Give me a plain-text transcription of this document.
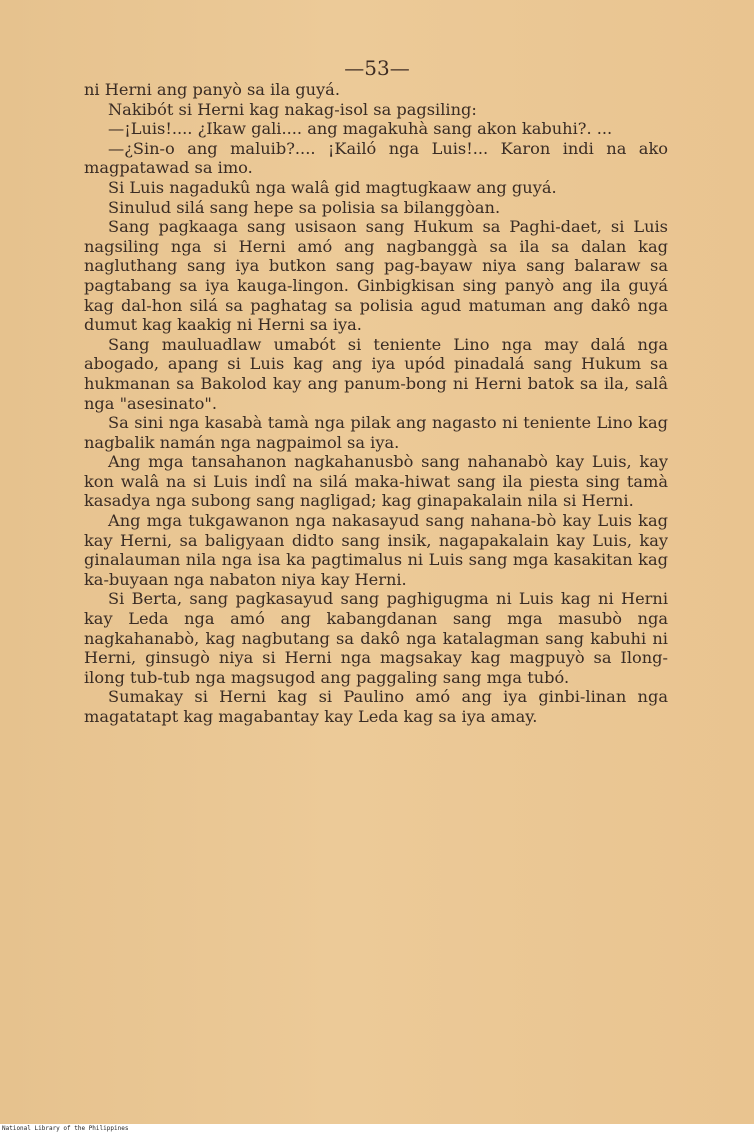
—53—

ni Herni ang panyò sa ila guyá.

Nakibót si Herni kag nakag-isol sa pagsiling:

—¡Luis!.... ¿Ikaw gali.... ang magakuhà sang akon kabuhi?. ...

—¿Sin-o ang maluib?.... ¡Kailó nga Luis!... Karon indi na ako magpatawad sa imo.

Si Luis nagadukû nga walâ gid magtugkaaw ang guyá.

Sinulud silá sang hepe sa polisia sa bilanggòan.

Sang pagkaaga sang usisaon sang Hukum sa Paghi-daet, si Luis nagsiling nga si Herni amó ang nagbanggà sa ila sa dalan kag nagluthang sang iya butkon sang pag-bayaw niya sang balaraw sa pagtabang sa iya kauga-lingon. Ginbigkisan sing panyò ang ila guyá kag dal-hon silá sa paghatag sa polisia agud matuman ang dakô nga dumut kag kaakig ni Herni sa iya.

Sang mauluadlaw umabót si teniente Lino nga may dalá nga abogado, apang si Luis kag ang iya upód pinadalá sang Hukum sa hukmanan sa Bakolod kay ang panum-bong ni Herni batok sa ila, salâ nga "asesinato".

Sa sini nga kasabà tamà nga pilak ang nagasto ni teniente Lino kag nagbalik namán nga nagpaimol sa iya.

Ang mga tansahanon nagkahanusbò sang nahanabò kay Luis, kay kon walâ na si Luis indî na silá maka-hiwat sang ila piesta sing tamà kasadya nga subong sang nagligad; kag ginapakalain nila si Herni.

Ang mga tukgawanon nga nakasayud sang nahana-bò kay Luis kag kay Herni, sa baligyaan didto sang insik, nagapakalain kay Luis, kay ginalauman nila nga isa ka pagtimalus ni Luis sang mga kasakitan kag ka-buyaan nga nabaton niya kay Herni.

Si Berta, sang pagkasayud sang paghigugma ni Luis kag ni Herni kay Leda nga amó ang kabangdanan sang mga masubò nga nagkahanabò, kag nagbutang sa dakô nga katalagman sang kabuhi ni Herni, ginsugò niya si Herni nga magsakay kag magpuyò sa Ilong-ilong tub-tub nga magsugod ang paggaling sang mga tubó.

Sumakay si Herni kag si Paulino amó ang iya ginbi-linan nga magatatapt kag magabantay kay Leda kag sa iya amay.

National Library of the Philippines
